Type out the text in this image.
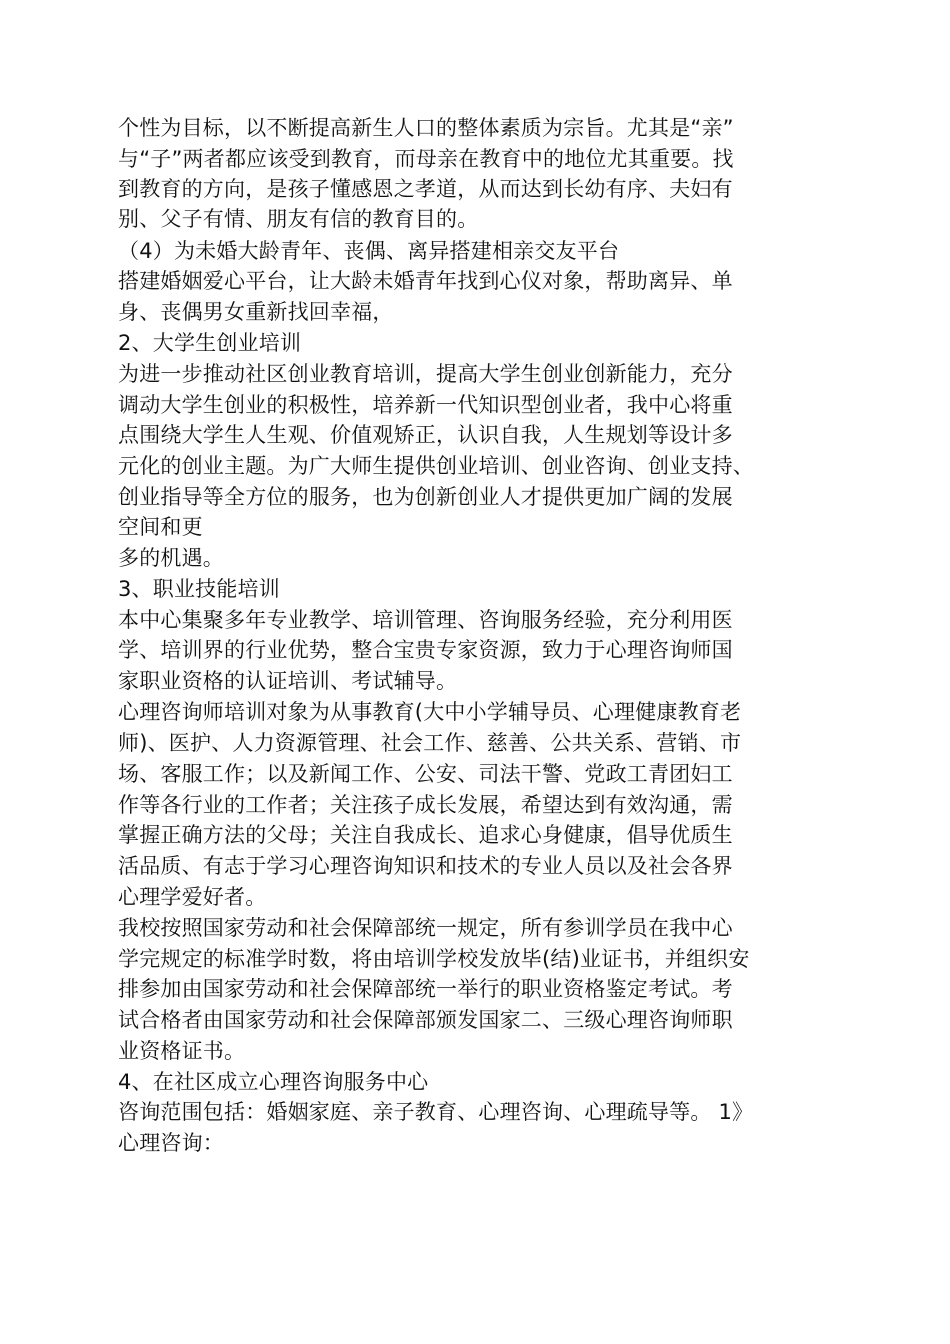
个性为目标，以不断提高新生人口的整体素质为宗旨。尤其是“亲”
与“子”两者都应该受到教育，而母亲在教育中的地位尤其重要。找
到教育的方向，是孩子懂感恩之孝道，从而达到长幼有序、夫妇有
别、父子有情、朋友有信的教育目的。
（4）为未婚大龄青年、丧偶、离异搭建相亲交友平台
搭建婚姻爱心平台，让大龄未婚青年找到心仪对象，帮助离异、单
身、丧偶男女重新找回幸福，
2、大学生创业培训
为进一步推动社区创业教育培训，提高大学生创业创新能力，充分
调动大学生创业的积极性，培养新一代知识型创业者，我中心将重
点围绕大学生人生观、价值观矫正，认识自我，人生规划等设计多
元化的创业主题。为广大师生提供创业培训、创业咨询、创业支持、
创业指导等全方位的服务，也为创新创业人才提供更加广阔的发展
空间和更
多的机遇。
3、职业技能培训
本中心集聚多年专业教学、培训管理、咨询服务经验，充分利用医
学、培训界的行业优势，整合宝贵专家资源，致力于心理咨询师国
家职业资格的认证培训、考试辅导。
心理咨询师培训对象为从事教育(大中小学辅导员、心理健康教育老
师)、医护、人力资源管理、社会工作、慈善、公共关系、营销、市
场、客服工作；以及新闻工作、公安、司法干警、党政工青团妇工
作等各行业的工作者；关注孩子成长发展，希望达到有效沟通，需
掌握正确方法的父母；关注自我成长、追求心身健康，倡导优质生
活品质、有志于学习心理咨询知识和技术的专业人员以及社会各界
心理学爱好者。
我校按照国家劳动和社会保障部统一规定，所有参训学员在我中心
学完规定的标准学时数，将由培训学校发放毕(结)业证书，并组织安
排参加由国家劳动和社会保障部统一举行的职业资格鉴定考试。考
试合格者由国家劳动和社会保障部颁发国家二、三级心理咨询师职
业资格证书。
4、在社区成立心理咨询服务中心
咨询范围包括：婚姻家庭、亲子教育、心理咨询、心理疏导等。 1》
心理咨询：
